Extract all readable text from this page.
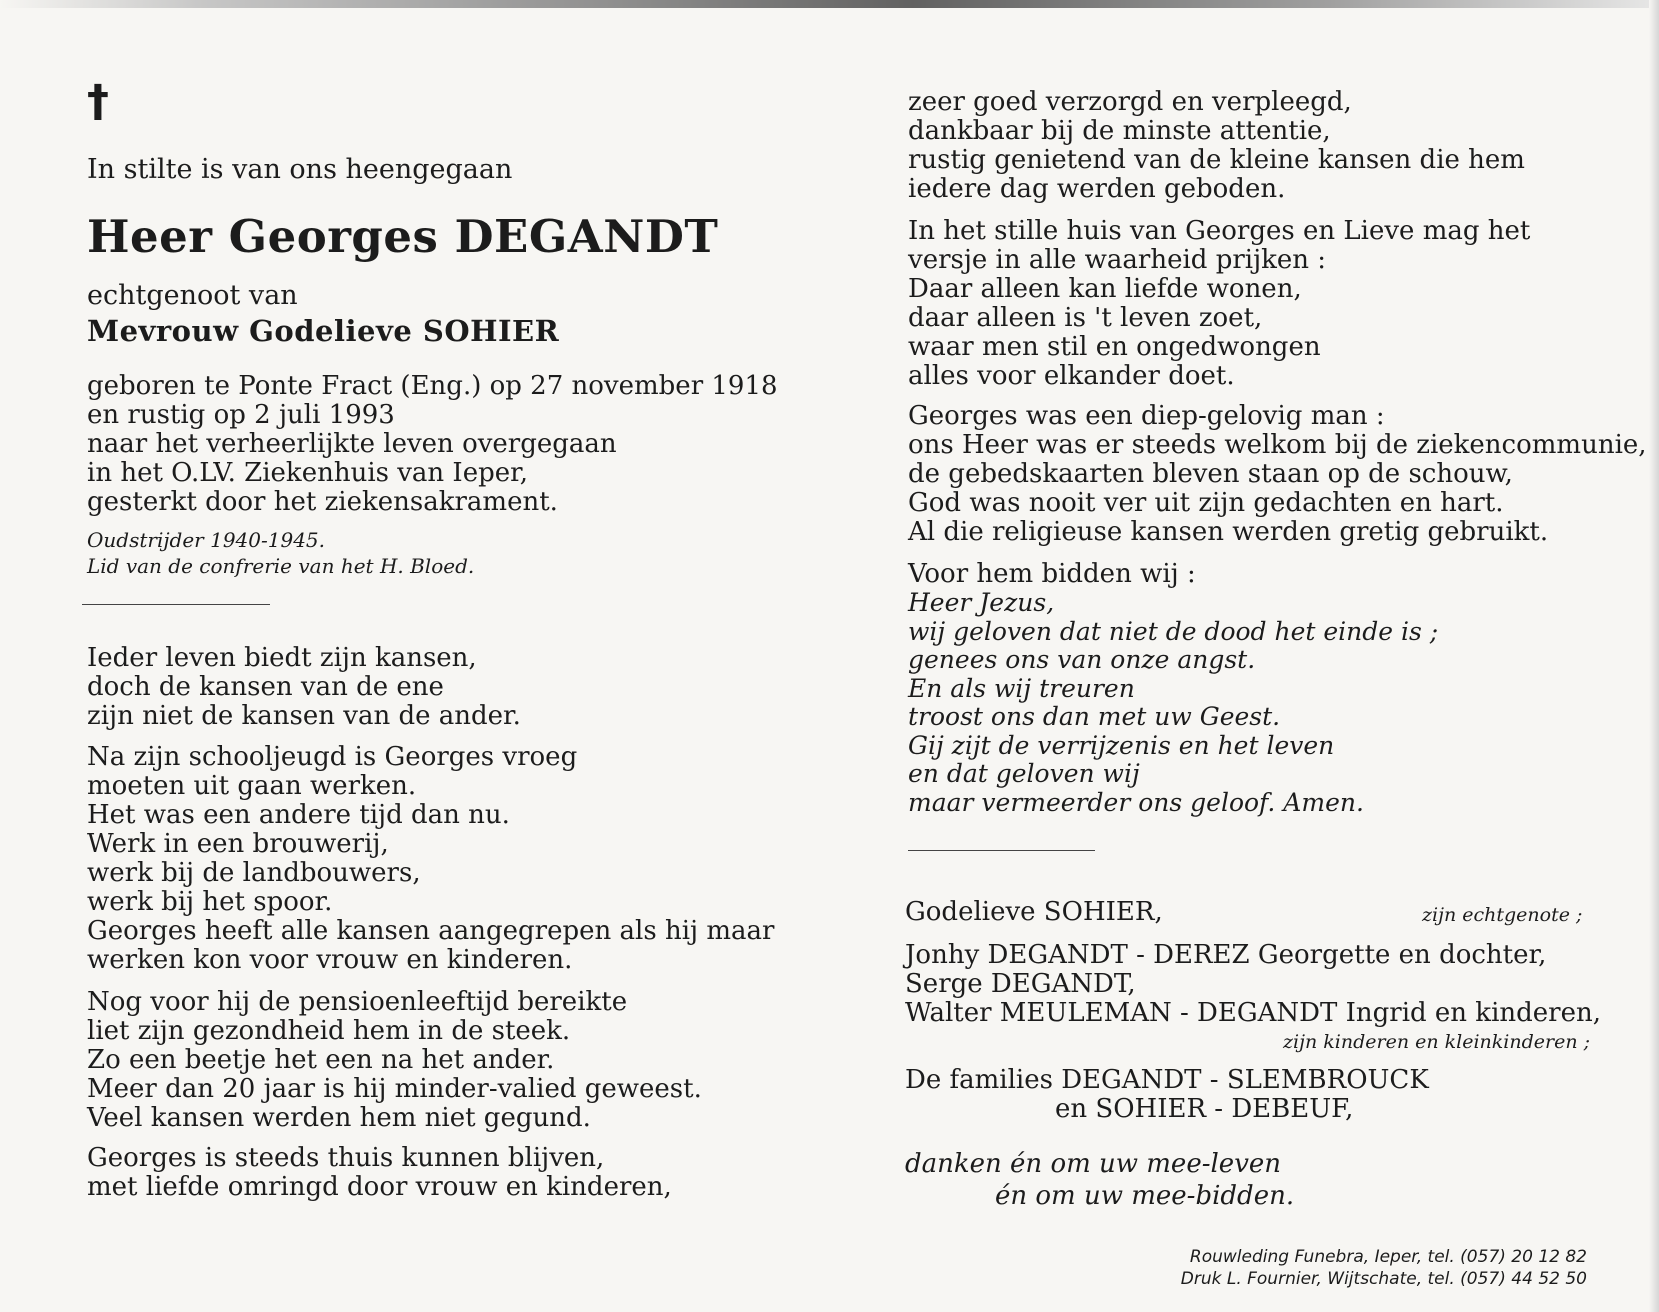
†
In stilte is van ons heengegaan
Heer Georges DEGANDT
echtgenoot van
Mevrouw Godelieve SOHIER
geboren te Ponte Fract (Eng.) op 27 november 1918
en rustig op 2 juli 1993
naar het verheerlijkte leven overgegaan
in het O.LV. Ziekenhuis van Ieper,
gesterkt door het ziekensakrament.
Oudstrijder 1940-1945.
Lid van de confrerie van het H. Bloed.
Ieder leven biedt zijn kansen,
doch de kansen van de ene
zijn niet de kansen van de ander.
Na zijn schooljeugd is Georges vroeg
moeten uit gaan werken.
Het was een andere tijd dan nu.
Werk in een brouwerij,
werk bij de landbouwers,
werk bij het spoor.
Georges heeft alle kansen aangegrepen als hij maar
werken kon voor vrouw en kinderen.
Nog voor hij de pensioenleeftijd bereikte
liet zijn gezondheid hem in de steek.
Zo een beetje het een na het ander.
Meer dan 20 jaar is hij minder-valied geweest.
Veel kansen werden hem niet gegund.
Georges is steeds thuis kunnen blijven,
met liefde omringd door vrouw en kinderen,
zeer goed verzorgd en verpleegd,
dankbaar bij de minste attentie,
rustig genietend van de kleine kansen die hem
iedere dag werden geboden.
In het stille huis van Georges en Lieve mag het
versje in alle waarheid prijken :
Daar alleen kan liefde wonen,
daar alleen is 't leven zoet,
waar men stil en ongedwongen
alles voor elkander doet.
Georges was een diep-gelovig man :
ons Heer was er steeds welkom bij de ziekencommunie,
de gebedskaarten bleven staan op de schouw,
God was nooit ver uit zijn gedachten en hart.
Al die religieuse kansen werden gretig gebruikt.
Voor hem bidden wij :
Heer Jezus,
wij geloven dat niet de dood het einde is ;
genees ons van onze angst.
En als wij treuren
troost ons dan met uw Geest.
Gij zijt de verrijzenis en het leven
en dat geloven wij
maar vermeerder ons geloof. Amen.
Godelieve SOHIER,	zijn echtgenote ;
Jonhy DEGANDT - DEREZ Georgette en dochter,
Serge DEGANDT,
Walter MEULEMAN - DEGANDT Ingrid en kinderen,
zijn kinderen en kleinkinderen ;
De families DEGANDT - SLEMBROUCK
en SOHIER - DEBEUF,
danken én om uw mee-leven
én om uw mee-bidden.
Rouwleding Funebra, Ieper, tel. (057) 20 12 82
Druk L. Fournier, Wijtschate, tel. (057) 44 52 50
